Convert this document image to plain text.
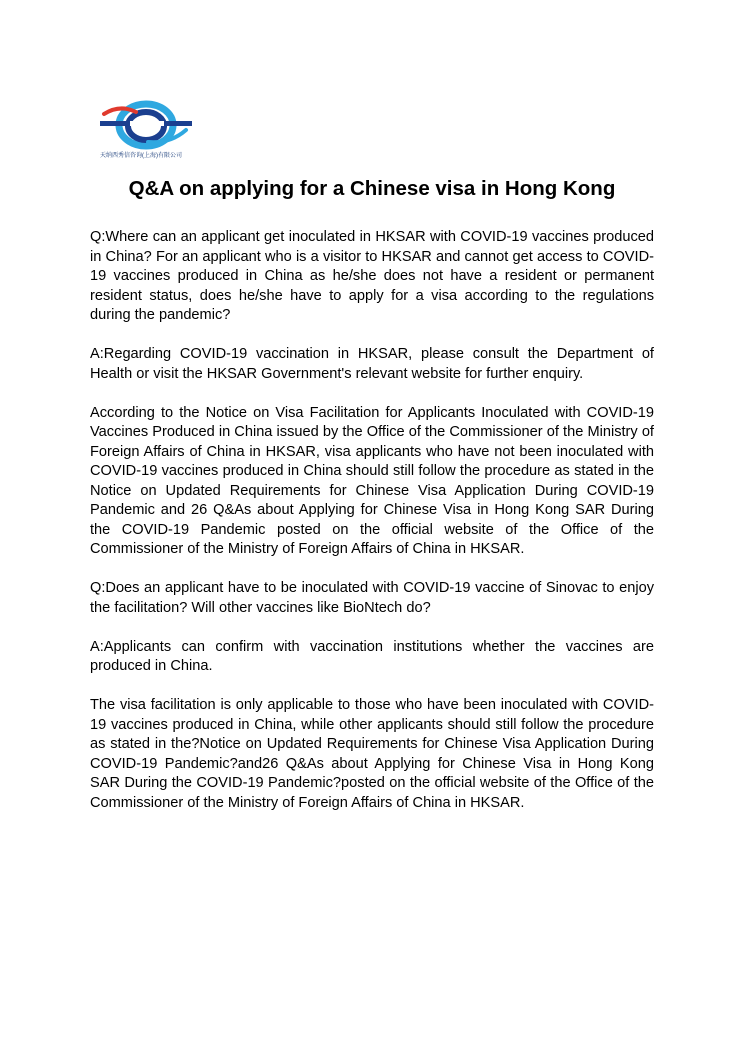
天纳西秀信咨询(上海)有限公司
Q&A on applying for a Chinese visa in Hong Kong

Q:Where can an applicant get inoculated in HKSAR with COVID-19 vaccines produced in China? For an applicant who is a visitor to HKSAR and cannot get access to COVID-19 vaccines produced in China as he/she does not have a resident or permanent resident status, does he/she have to apply for a visa according to the regulations during the pandemic?

A:Regarding COVID-19 vaccination in HKSAR, please consult the Department of Health or visit the HKSAR Government's relevant website for further enquiry.

According to the Notice on Visa Facilitation for Applicants Inoculated with COVID-19 Vaccines Produced in China issued by the Office of the Commissioner of the Ministry of Foreign Affairs of China in HKSAR, visa applicants who have not been inoculated with COVID-19 vaccines produced in China should still follow the procedure as stated in the Notice on Updated Requirements for Chinese Visa Application During COVID-19 Pandemic and 26 Q&As about Applying for Chinese Visa in Hong Kong SAR During the COVID-19 Pandemic posted on the official website of the Office of the Commissioner of the Ministry of Foreign Affairs of China in HKSAR.

Q:Does an applicant have to be inoculated with COVID-19 vaccine of Sinovac to enjoy the facilitation? Will other vaccines like BioNtech do?

A:Applicants can confirm with vaccination institutions whether the vaccines are produced in China.

The visa facilitation is only applicable to those who have been inoculated with COVID-19 vaccines produced in China, while other applicants should still follow the procedure as stated in the?Notice on Updated Requirements for Chinese Visa Application During COVID-19 Pandemic?and26 Q&As about Applying for Chinese Visa in Hong Kong SAR During the COVID-19 Pandemic?posted on the official website of the Office of the Commissioner of the Ministry of Foreign Affairs of China in HKSAR.
